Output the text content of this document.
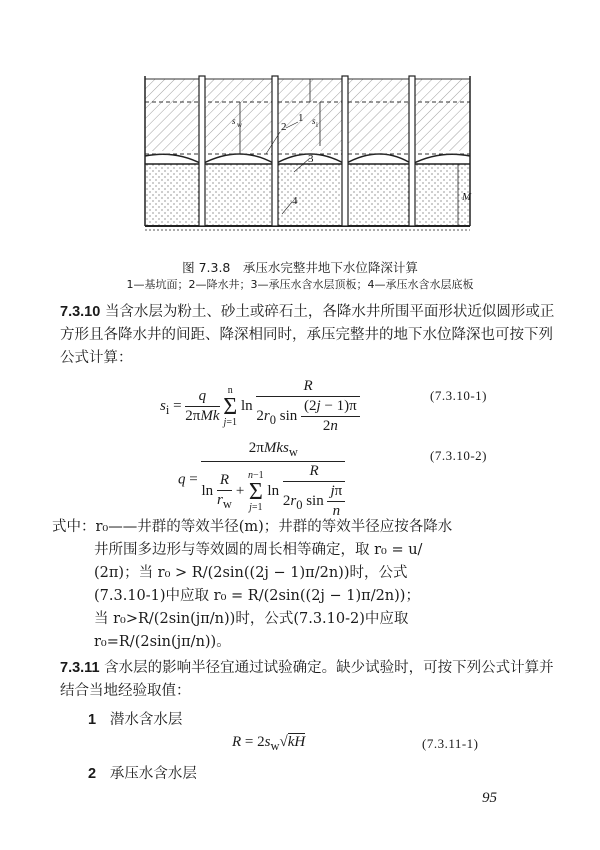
1
2
3
4
s w	s i
M
图 7.3.8　承压水完整井地下水位降深计算
1—基坑面；2—降水井；3—承压水含水层顶板；4—承压水含水层底板
7.3.10 当含水层为粉土、砂土或碎石土，各降水井所围平面形状近似圆形或正方形且各降水井的间距、降深相同时，承压完整井的地下水位降深也可按下列公式计算：
$s_i = \frac{q}{\text{2πMk}}$ n
Σ
j=1 $\ln \frac{R}{2r_0 \sin \frac{(2j - 1)\pi}{2n}}$	(7.3.10-1)
q = 2πMks$_w$
$\ln \frac{R}{r_w} + n-1$
Σ
j=1 $\ln \frac{R}{2r_0 \sin \frac{j\pi}{n}}$	(7.3.10-2)
式中：r₀——井群的等效半径(m)；井群的等效半径应按各降水
井所围多边形与等效圆的周长相等确定，取 r₀ = u/
(2π)；当 r₀ > R/(2sin((2j − 1)π/2n))时，公式
(7.3.10-1)中应取 r₀ = R/(2sin((2j − 1)π/2n))；
当 r₀>R/(2sin(jπ/n))时，公式(7.3.10-2)中应取
r₀=R/(2sin(jπ/n))。
7.3.11 含水层的影响半径宜通过试验确定。缺少试验时，可按下列公式计算并结合当地经验取值：
1 潜水含水层
$R = 2s_w√kH$	(7.3.11-1)
2 承压水含水层
95
